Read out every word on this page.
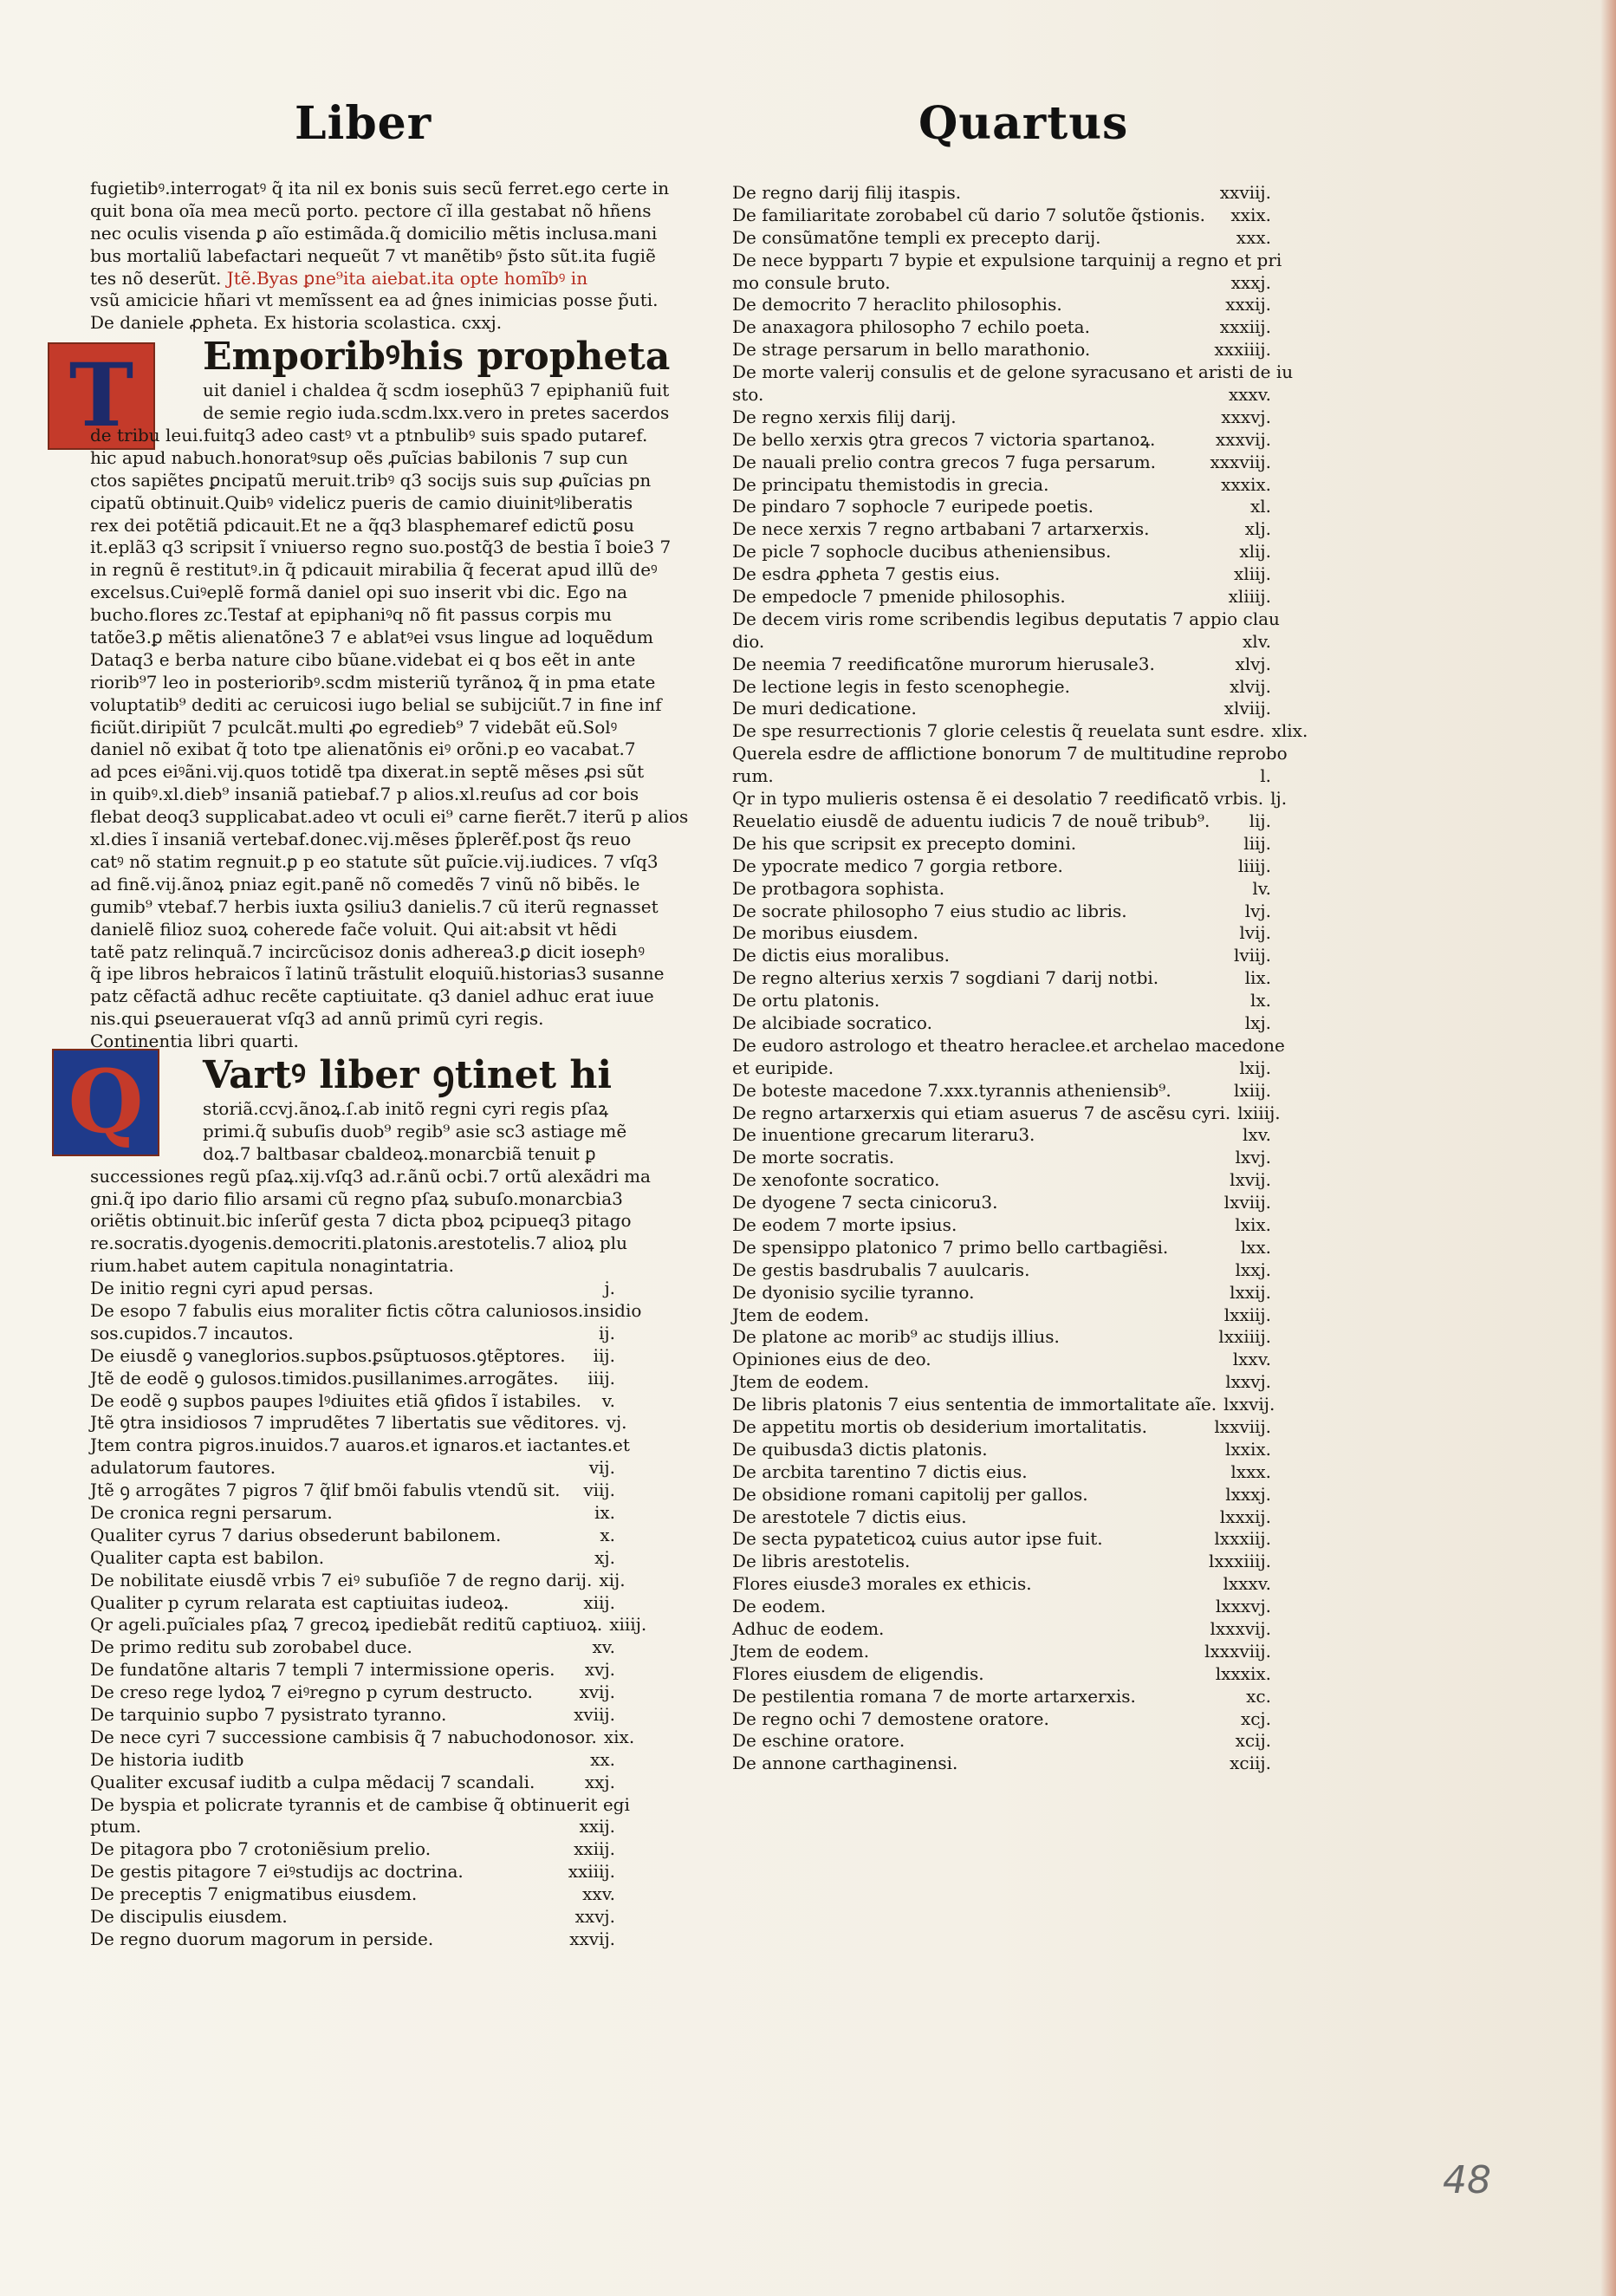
Liber	Quartus
T
Q
fugietibꝰ.interrogatꝰ q̃ ita nil ex bonis suis secũ ferret.ego certe in
quit bona oĩa mea mecũ porto. pectore cĩ illa gestabat nõ hñens
nec oculis visenda ꝑ aĩo estimãda.q̃ domicilio mẽtis inclusa.mani
bus mortaliũ labefactari nequeũt 7 vt manẽtibꝰ p̃sto sũt.ita fugiẽ
tes nõ deserũt. Jtẽ.Byas ꝑne⁹ita aiebat.ita opte homĩbꝰ in
vsũ amicicie hñari vt memĩssent ea ad ĝnes inimicias posse p̃uti.
De daniele ꝓpheta. Ex historia scolastica. cxxj.
Emporibꝰhis propheta
uit daniel i chaldea q̃ scdm iosephũ3 7 epiphaniũ fuit
de semie regio iuda.scdm.lxx.vero in pretes sacerdos
de tribu leui.fuitq3 adeo castꝰ vt a ptnbulibꝰ suis spado putaref.
hic apud nabuch.honoratꝰsup oẽs ꝓuĩcias babilonis 7 sup cun
ctos sapiẽtes ꝑncipatũ meruit.tribꝰ q3 socijs suis sup ꝓuĩcias pn
cipatũ obtinuit.Quibꝰ videlicz pueris de camio diuinitꝰliberatis
rex dei potẽtiã pdicauit.Et ne a q̃q3 blasphemaref edictũ ꝑosu
it.eplã3 q3 scripsit ĩ vniuerso regno suo.postq̃3 de bestia ĩ boie3 7
in regnũ ẽ restitutꝰ.in q̃ pdicauit mirabilia q̃ fecerat apud illũ deꝰ
excelsus.Cuiꝰeplẽ formã daniel opi suo inserit vbi dic. Ego na
bucho.flores zc.Testaf at epiphaniꝰq nõ fit passus corpis mu
tatõe3.ꝑ mẽtis alienatõne3 7 e ablatꝰei vsus lingue ad loquẽdum
Dataq3 e berba nature cibo bũane.videbat ei q bos eẽt in ante
riorib⁹7 leo in posterioribꝰ.scdm misteriũ tyrãnoꝝ q̃ in pma etate
voluptatib⁹ dediti ac ceruicosi iugo belial se subijciũt.7 in fine inf
ficiũt.diripiũt 7 pculcãt.multi ꝓo egredieb⁹ 7 videbãt eũ.Solꝰ
daniel nõ exibat q̃ toto tpe alienatõnis eiꝰ orõni.p eo vacabat.7
ad pces eiꝰãni.vij.quos totidẽ tpa dixerat.in septẽ mẽses ꝓsi sũt
in quibꝰ.xl.dieb⁹ insaniã patiebaf.7 p alios.xl.reuſus ad cor bois
flebat deoq3 supplicabat.adeo vt oculi ei⁹ carne fierẽt.7 iterũ p alios
xl.dies ĩ insaniã vertebaf.donec.vij.mẽses p̃plerẽf.post q̃s reuo
catꝰ nõ statim regnuit.ꝑ p eo statute sũt ꝑuĩcie.vij.iudices. 7 vſq3
ad finẽ.vij.ãnoꝝ pniaz egit.panẽ nõ comedẽs 7 vinũ nõ bibẽs. le
gumib⁹ vtebaf.7 herbis iuxta ꝯsiliu3 danielis.7 cũ iterũ regnasset
danielẽ filioz suoꝝ coherede fac̃e voluit. Qui ait:absit vt hẽdi
tatẽ patz relinquã.7 incircũcisoz donis adherea3.ꝑ dicit iosephꝰ
q̃ ipe libros hebraicos ĩ latinũ trãstulit eloquiũ.historias3 susanne
patz cẽfactã adhuc recẽte captiuitate. q3 daniel adhuc erat iuue
nis.qui ꝑseuerauerat vſq3 ad annũ primũ cyri regis.
Continentia libri quarti.
Vartꝰ liber ꝯtinet hi
storiã.ccvj.ãnoꝝ.ſ.ab initõ regni cyri regis pſaꝝ
primi.q̃ subuſis duob⁹ regib⁹ asie sc3 astiage mẽ
doꝝ.7 baltbasar cbaldeoꝝ.monarcbiã tenuit ꝑ
successiones regũ pſaꝝ.xij.vſq3 ad.r.ãnũ ocbi.7 ortũ alexãdri ma
gni.q̃ ipo dario filio arsami cũ regno pſaꝝ subuſo.monarcbia3
oriẽtis obtinuit.bic inſerũf gesta 7 dicta pboꝝ pcipueq3 pitago
re.socratis.dyogenis.democriti.platonis.arestotelis.7 alioꝝ plu
rium.habet autem capitula nonagintatria.
De initio regni cyri apud persas.	j.
De esopo 7 fabulis eius moraliter fictis cõtra caluniosos.insidio
sos.cupidos.7 incautos.	ij.
De eiusdẽ ꝯ vaneglorios.supbos.ꝑsũptuosos.ꝯtẽptores.	iij.
Jtẽ de eodẽ ꝯ gulosos.timidos.pusillanimes.arrogãtes.	iiij.
De eodẽ ꝯ supbos paupes lꝰdiuites etiã ꝯfidos ĩ istabiles.	v.
Jtẽ ꝯtra insidiosos 7 imprudẽtes 7 libertatis sue vẽditores. vj.
Jtem contra pigros.inuidos.7 auaros.et ignaros.et iactantes.et
adulatorum fautores.	vij.
Jtẽ ꝯ arrogãtes 7 pigros 7 q̃lif bmõi fabulis vtendũ sit.	viij.
De cronica regni persarum.	ix.
Qualiter cyrus 7 darius obsederunt babilonem.	x.
Qualiter capta est babilon.	xj.
De nobilitate eiusdẽ vrbis 7 eiꝰ subuſiõe 7 de regno darij. xij.
Qualiter p cyrum relarata est captiuitas iudeoꝝ.	xiij.
Qr ageli.puĩciales pſaꝝ 7 grecoꝝ ipediebãt reditũ captiuoꝝ. xiiij.
De primo reditu sub zorobabel duce.	xv.
De fundatõne altaris 7 templi 7 intermissione operis.	xvj.
De creso rege lydoꝝ 7 eiꝰregno p cyrum destructo.	xvij.
De tarquinio supbo 7 pysistrato tyranno.	xviij.
De nece cyri 7 successione cambisis q̃ 7 nabuchodonosor. xix.
De historia iuditb	xx.
Qualiter excusaf iuditb a culpa mẽdacij 7 scandali.	xxj.
De byspia et policrate tyrannis et de cambise q̃ obtinuerit egi
ptum.	xxij.
De pitagora pbo 7 crotoniẽsium prelio.	xxiij.
De gestis pitagore 7 eiꝰstudijs ac doctrina.	xxiiij.
De preceptis 7 enigmatibus eiusdem.	xxv.
De discipulis eiusdem.	xxvj.
De regno duorum magorum in perside.	xxvij.
De regno darij filij itaspis.	xxviij.
De familiaritate zorobabel cũ dario 7 solutõe q̃stionis.	xxix.
De consũmatõne templi ex precepto darij.	xxx.
De nece byppartı 7 bypie et expulsione tarquinij a regno et pri
mo consule bruto.	xxxj.
De democrito 7 heraclito philosophis.	xxxij.
De anaxagora philosopho 7 echilo poeta.	xxxiij.
De strage persarum in bello marathonio.	xxxiiij.
De morte valerij consulis et de gelone syracusano et aristi de iu
sto.	xxxv.
De regno xerxis filij darij.	xxxvj.
De bello xerxis ꝯtra grecos 7 victoria spartanoꝝ.	xxxvij.
De nauali prelio contra grecos 7 fuga persarum.	xxxviij.
De principatu themistodis in grecia.	xxxix.
De pindaro 7 sophocle 7 euripede poetis.	xl.
De nece xerxis 7 regno artbabani 7 artarxerxis.	xlj.
De picle 7 sophocle ducibus atheniensibus.	xlij.
De esdra ꝓpheta 7 gestis eius.	xliij.
De empedocle 7 pmenide philosophis.	xliiij.
De decem viris rome scribendis legibus deputatis 7 appio clau
dio.	xlv.
De neemia 7 reedificatõne murorum hierusale3.	xlvj.
De lectione legis in festo scenophegie.	xlvij.
De muri dedicatione.	xlviij.
De spe resurrectionis 7 glorie celestis q̃ reuelata sunt esdre. xlix.
Querela esdre de afflictione bonorum 7 de multitudine reprobo
rum.	l.
Qr in typo mulieris ostensa ẽ ei desolatio 7 reedificatõ vrbis. lj.
Reuelatio eiusdẽ de aduentu iudicis 7 de nouẽ tribub⁹.	lij.
De his que scripsit ex precepto domini.	liij.
De ypocrate medico 7 gorgia retbore.	liiij.
De protbagora sophista.	lv.
De socrate philosopho 7 eius studio ac libris.	lvj.
De moribus eiusdem.	lvij.
De dictis eius moralibus.	lviij.
De regno alterius xerxis 7 sogdiani 7 darij notbi.	lix.
De ortu platonis.	lx.
De alcibiade socratico.	lxj.
De eudoro astrologo et theatro heraclee.et archelao macedone
et euripide.	lxij.
De boteste macedone 7.xxx.tyrannis atheniensib⁹.	lxiij.
De regno artarxerxis qui etiam asuerus 7 de ascẽsu cyri. lxiiij.
De inuentione grecarum literaru3.	lxv.
De morte socratis.	lxvj.
De xenofonte socratico.	lxvij.
De dyogene 7 secta cinicoru3.	lxviij.
De eodem 7 morte ipsius.	lxix.
De spensippo platonico 7 primo bello cartbagiẽsi.	lxx.
De gestis basdrubalis 7 auulcaris.	lxxj.
De dyonisio sycilie tyranno.	lxxij.
Jtem de eodem.	lxxiij.
De platone ac morib⁹ ac studijs illius.	lxxiiij.
Opiniones eius de deo.	lxxv.
Jtem de eodem.	lxxvj.
De libris platonis 7 eius sententia de immortalitate aĩe. lxxvij.
De appetitu mortis ob desiderium imortalitatis.	lxxviij.
De quibusda3 dictis platonis.	lxxix.
De arcbita tarentino 7 dictis eius.	lxxx.
De obsidione romani capitolij per gallos.	lxxxj.
De arestotele 7 dictis eius.	lxxxij.
De secta pypateticoꝝ cuius autor ipse fuit.	lxxxiij.
De libris arestotelis.	lxxxiiij.
Flores eiusde3 morales ex ethicis.	lxxxv.
De eodem.	lxxxvj.
Adhuc de eodem.	lxxxvij.
Jtem de eodem.	lxxxviij.
Flores eiusdem de eligendis.	lxxxix.
De pestilentia romana 7 de morte artarxerxis.	xc.
De regno ochi 7 demostene oratore.	xcj.
De eschine oratore.	xcij.
De annone carthaginensi.	xciij.
48
